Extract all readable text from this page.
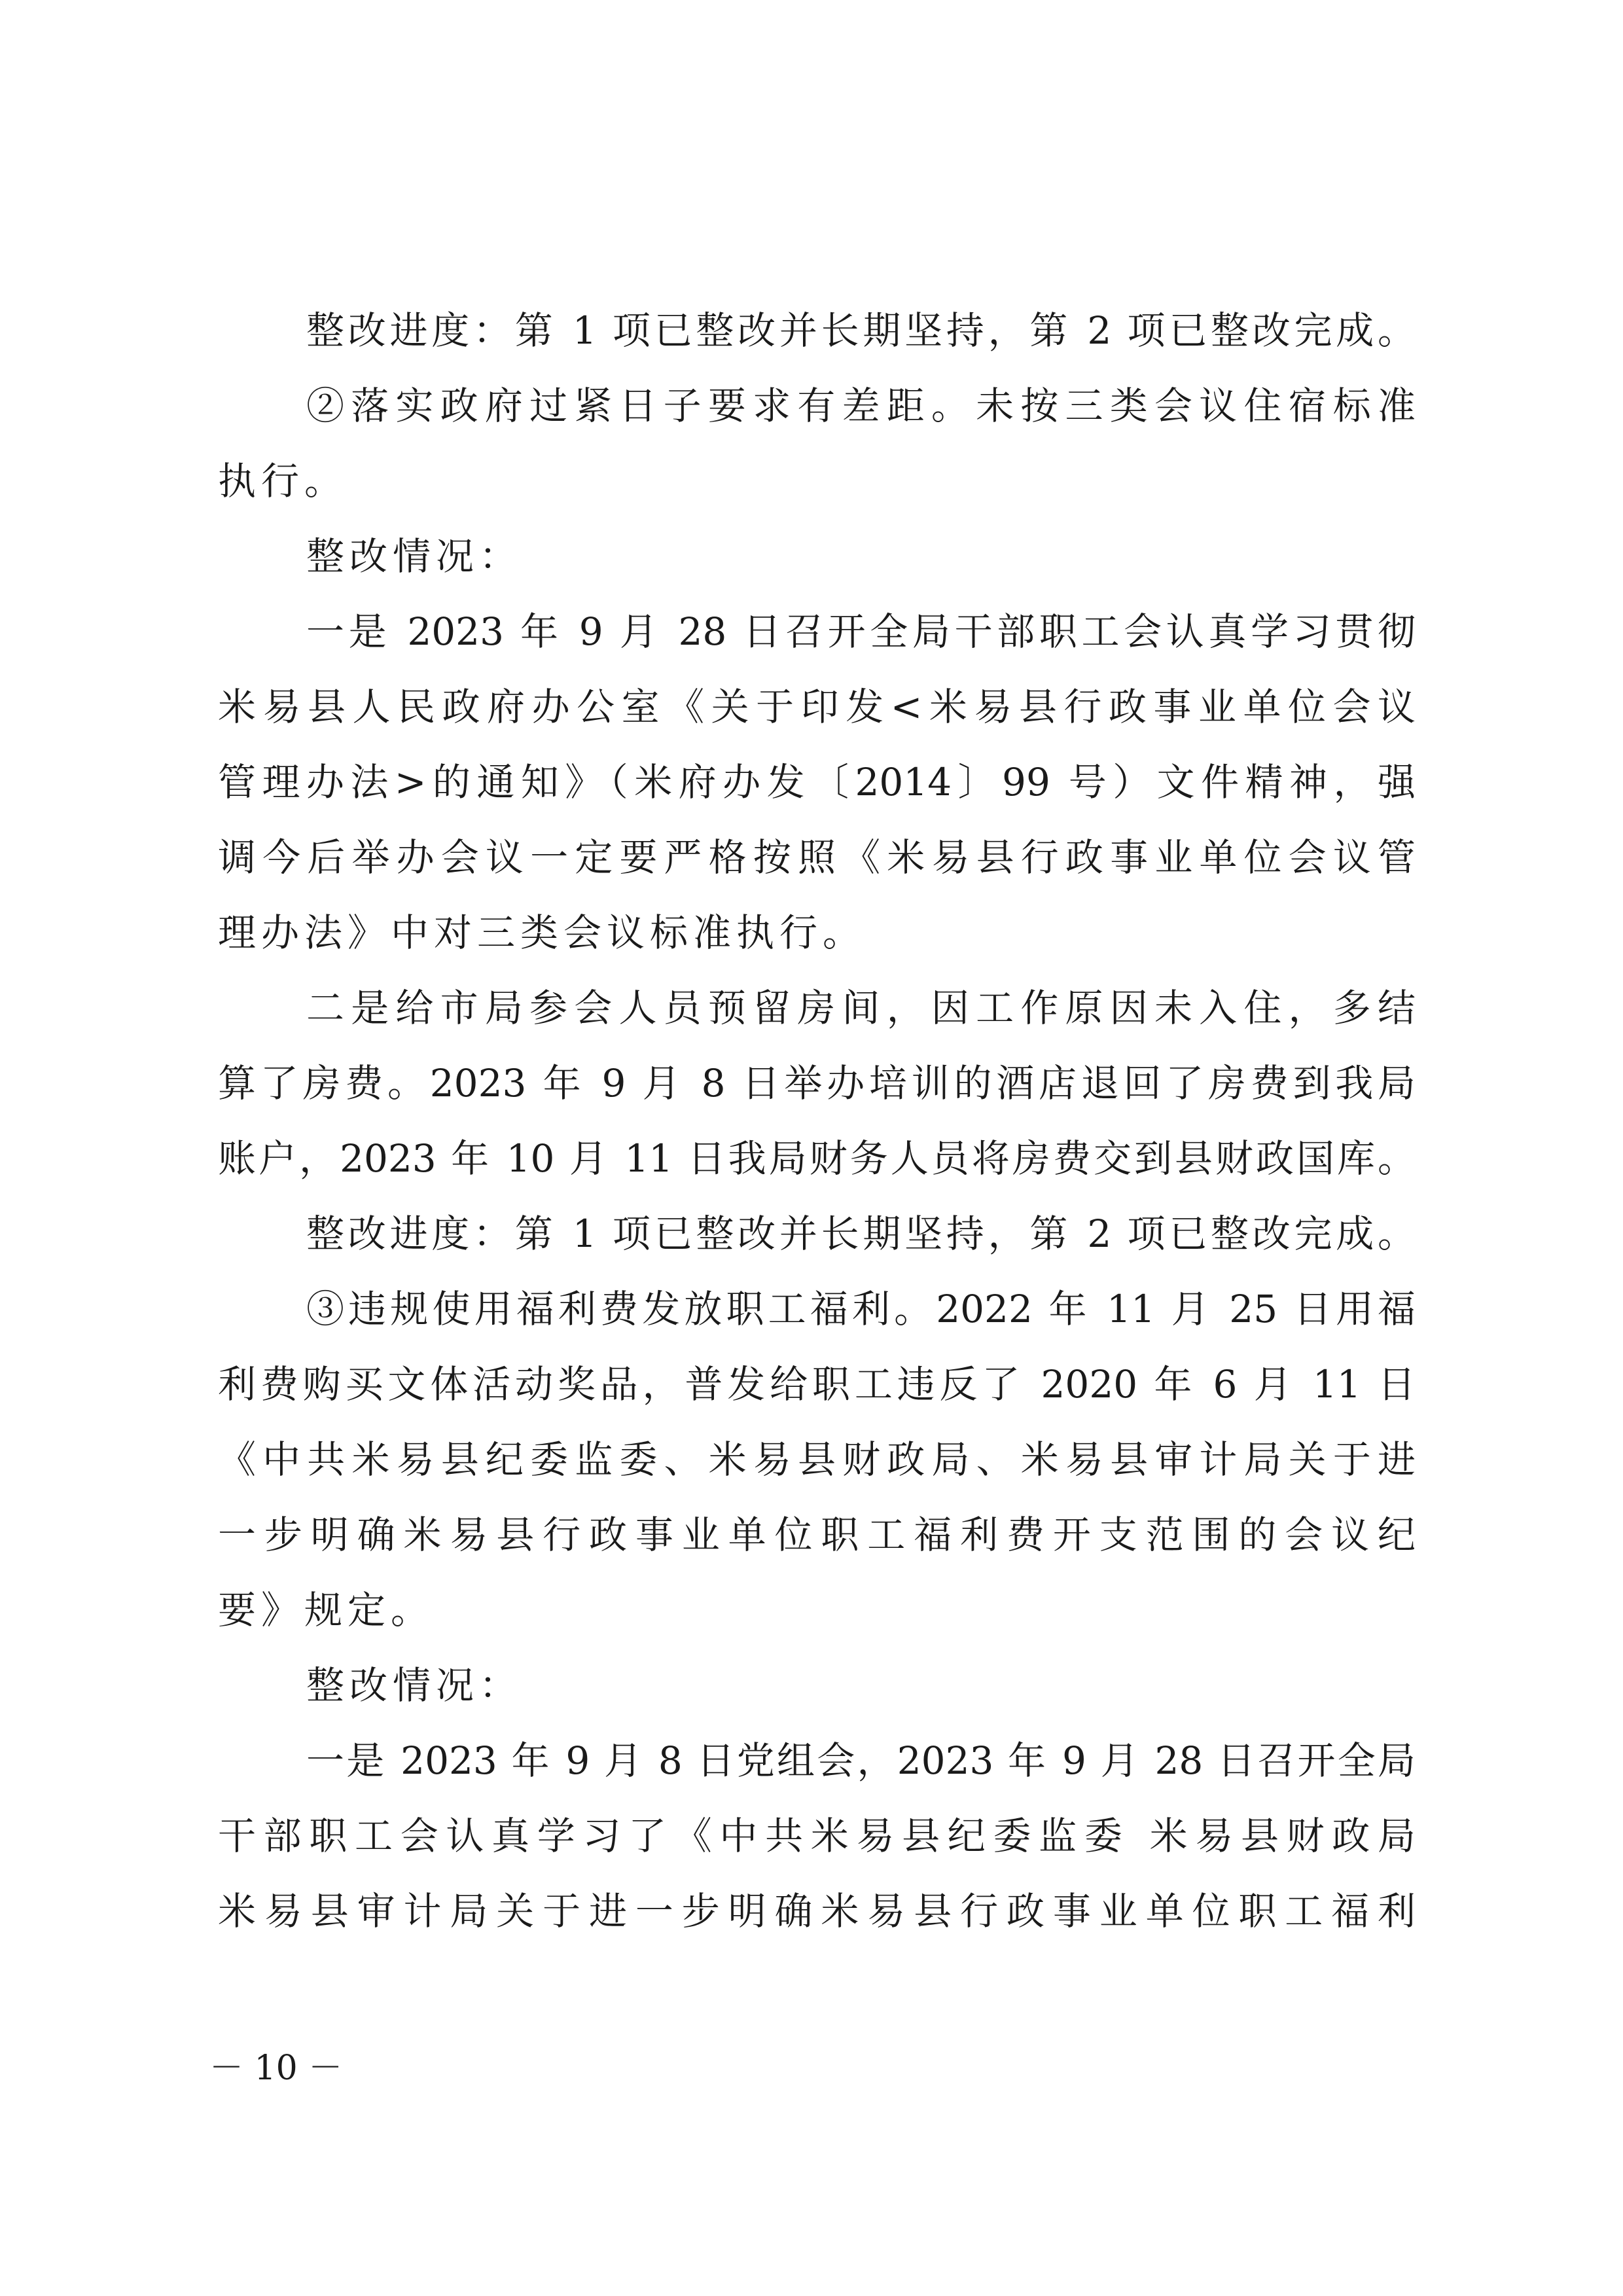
整改进度：第 1 项已整改并长期坚持，第 2 项已整改完成。
②落实政府过紧日子要求有差距。未按三类会议住宿标准
执行。
整改情况：
一是 2023 年 9 月 28 日召开全局干部职工会认真学习贯彻
米易县人民政府办公室《关于印发<米易县行政事业单位会议
管理办法>的通知》（米府办发〔2014〕99 号）文件精神，强
调今后举办会议一定要严格按照《米易县行政事业单位会议管
理办法》中对三类会议标准执行。
二是给市局参会人员预留房间，因工作原因未入住，多结
算了房费。2023 年 9 月 8 日举办培训的酒店退回了房费到我局
账户，2023 年 10 月 11 日我局财务人员将房费交到县财政国库。
整改进度：第 1 项已整改并长期坚持，第 2 项已整改完成。
③违规使用福利费发放职工福利。2022 年 11 月 25 日用福
利费购买文体活动奖品，普发给职工违反了 2020 年 6 月 11 日
《中共米易县纪委监委、米易县财政局、米易县审计局关于进
一步明确米易县行政事业单位职工福利费开支范围的会议纪
要》规定。
整改情况：
一是 2023 年 9 月 8 日党组会，2023 年 9 月 28 日召开全局
干部职工会认真学习了《中共米易县纪委监委 米易县财政局
米易县审计局关于进一步明确米易县行政事业单位职工福利
－ 10 －
